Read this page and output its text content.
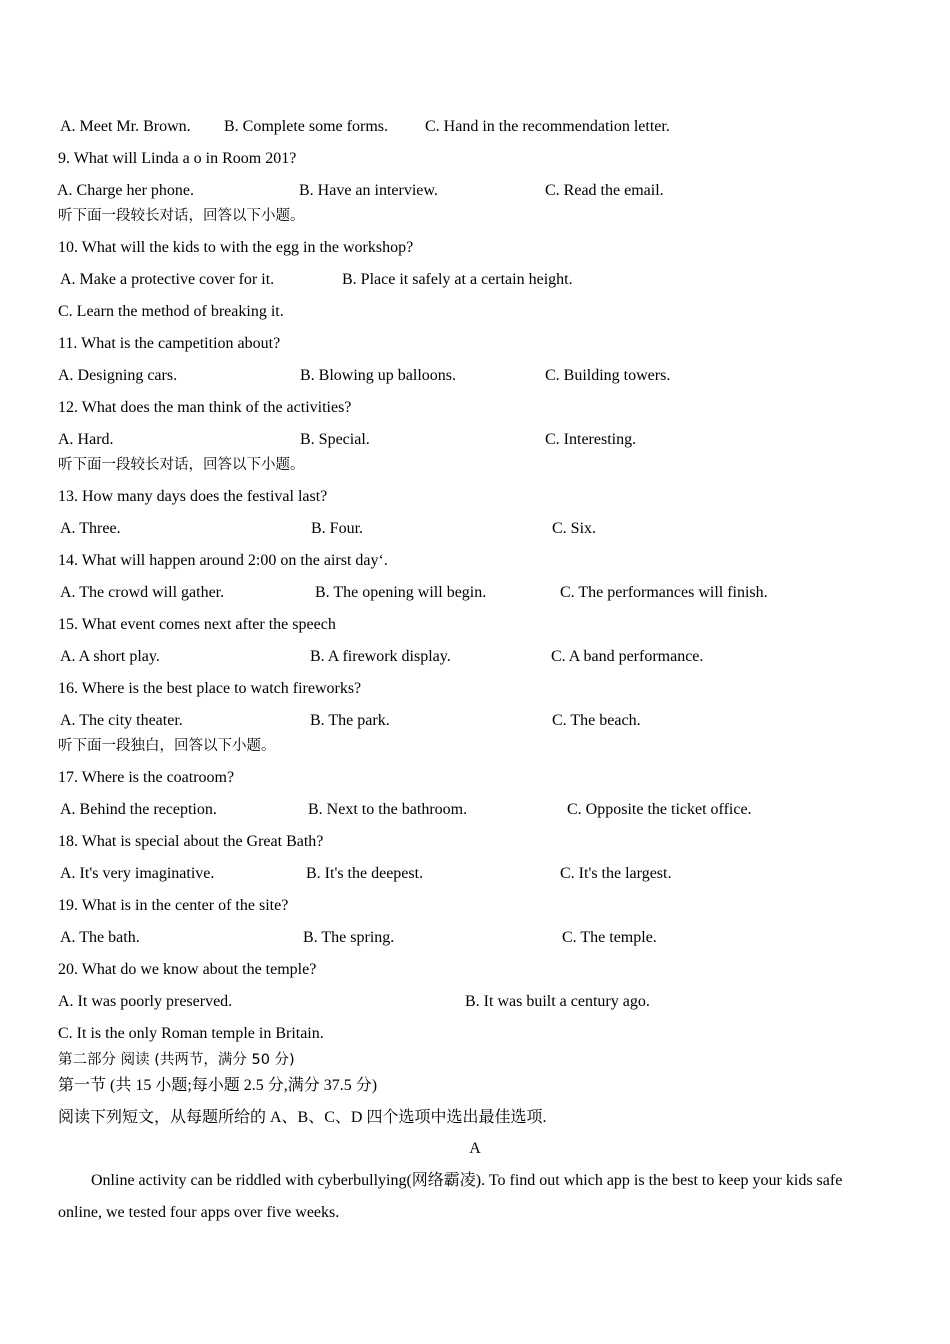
A. Meet Mr. Brown. B. Complete some forms. C. Hand in the recommendation letter.
9. What will Linda a o in Room 201?
A. Charge her phone.	B. Have an interview.	C. Read the email.
听下面一段较长对话，回答以下小题。
10. What will the kids to with the egg in the workshop?
A. Make a protective cover for it.	B. Place it safely at a certain height.
C. Learn the method of breaking it.
11. What is the campetition about?
A. Designing cars.	B. Blowing up balloons.	C. Building towers.
12. What does the man think of the activities?
A. Hard.	B. Special.	C. Interesting.
听下面一段较长对话，回答以下小题。
13. How many days does the festival last?
A. Three.	B. Four.	C. Six.
14. What will happen around 2:00 on the airst day‘.
A. The crowd will gather.	B. The opening will begin.	C. The performances will finish.
15. What event comes next after the speech
A. A short play.	B. A firework display.	C. A band performance.
16. Where is the best place to watch fireworks?
A. The city theater.	B. The park.	C. The beach.
听下面一段独白，回答以下小题。
17. Where is the coatroom?
A. Behind the reception.	B. Next to the bathroom.	C. Opposite the ticket office.
18. What is special about the Great Bath?
A. It's very imaginative.	B. It's the deepest.	C. It's the largest.
19. What is in the center of the site?
A. The bath.	B. The spring.	C. The temple.
20. What do we know about the temple?
A. It was poorly preserved.	B. It was built a century ago.
C. It is the only Roman temple in Britain.
第二部分 阅读 (共两节，满分 50 分)
第一节 (共 15 小题;每小题 2.5 分,满分 37.5 分)
阅读下列短文，从每题所给的 A、B、C、D 四个选项中选出最佳选项.
A
Online activity can be riddled with cyberbullying(网络霸凌). To find out which app is the best to keep your kids safe
online, we tested four apps over five weeks.
